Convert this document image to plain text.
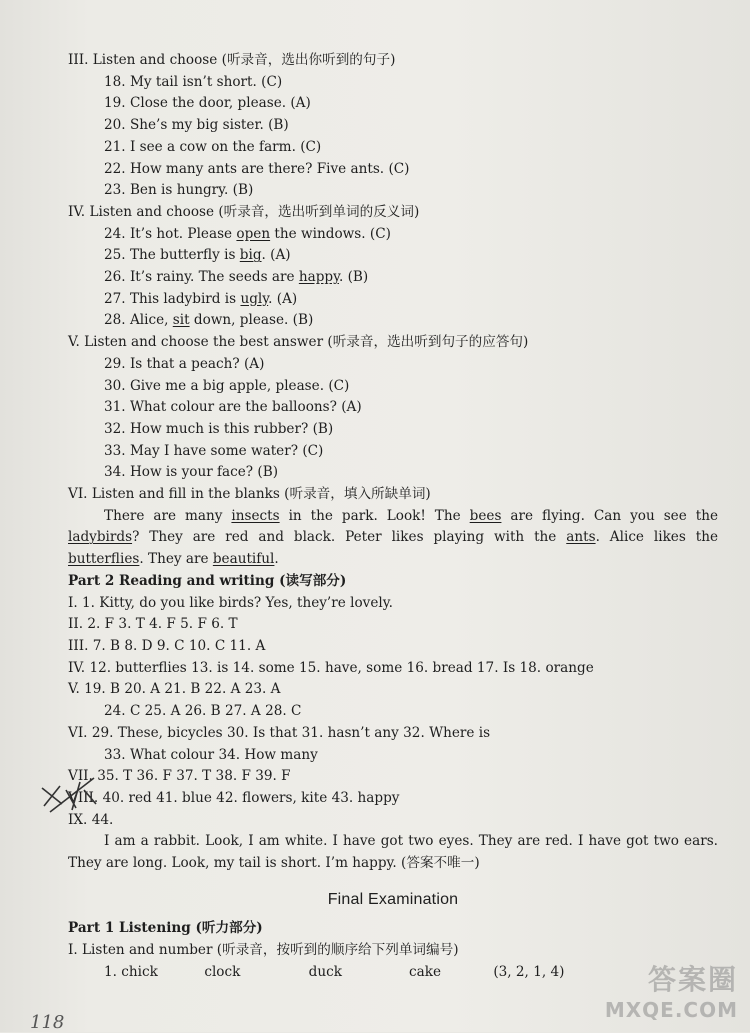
III. Listen and choose (听录音，选出你听到的句子)
18. My tail isn’t short. (C)
19. Close the door, please. (A)
20. She’s my big sister. (B)
21. I see a cow on the farm. (C)
22. How many ants are there? Five ants. (C)
23. Ben is hungry. (B)
IV. Listen and choose (听录音，选出听到单词的反义词)
24. It’s hot. Please open the windows. (C)
25. The butterfly is big. (A)
26. It’s rainy. The seeds are happy. (B)
27. This ladybird is ugly. (A)
28. Alice, sit down, please. (B)
V. Listen and choose the best answer (听录音，选出听到句子的应答句)
29. Is that a peach? (A)
30. Give me a big apple, please. (C)
31. What colour are the balloons? (A)
32. How much is this rubber? (B)
33. May I have some water? (C)
34. How is your face? (B)
VI. Listen and fill in the blanks (听录音，填入所缺单词)
There are many insects in the park. Look! The bees are flying. Can you see the ladybirds? They are red and black. Peter likes playing with the ants. Alice likes the butterflies. They are beautiful.
Part 2 Reading and writing (读写部分)
I. 1. Kitty, do you like birds? Yes, they’re lovely.
II. 2. F 3. T 4. F 5. F 6. T
III. 7. B 8. D 9. C 10. C 11. A
IV. 12. butterflies 13. is 14. some 15. have, some 16. bread 17. Is 18. orange
V. 19. B 20. A 21. B 22. A 23. A
24. C 25. A 26. B 27. A 28. C
VI. 29. These, bicycles 30. Is that 31. hasn’t any 32. Where is
33. What colour 34. How many
VII. 35. T 36. F 37. T 38. F 39. F
VIII. 40. red 41. blue 42. flowers, kite 43. happy
IX. 44.
I am a rabbit. Look, I am white. I have got two eyes. They are red. I have got two ears. They are long. Look, my tail is short. I’m happy. (答案不唯一)
Final Examination
Part 1 Listening (听力部分)
I. Listen and number (听录音，按听到的顺序给下列单词编号)
1. chick	clock	duck	cake	(3, 2, 1, 4)
118
答案圈
MXQE.COM
